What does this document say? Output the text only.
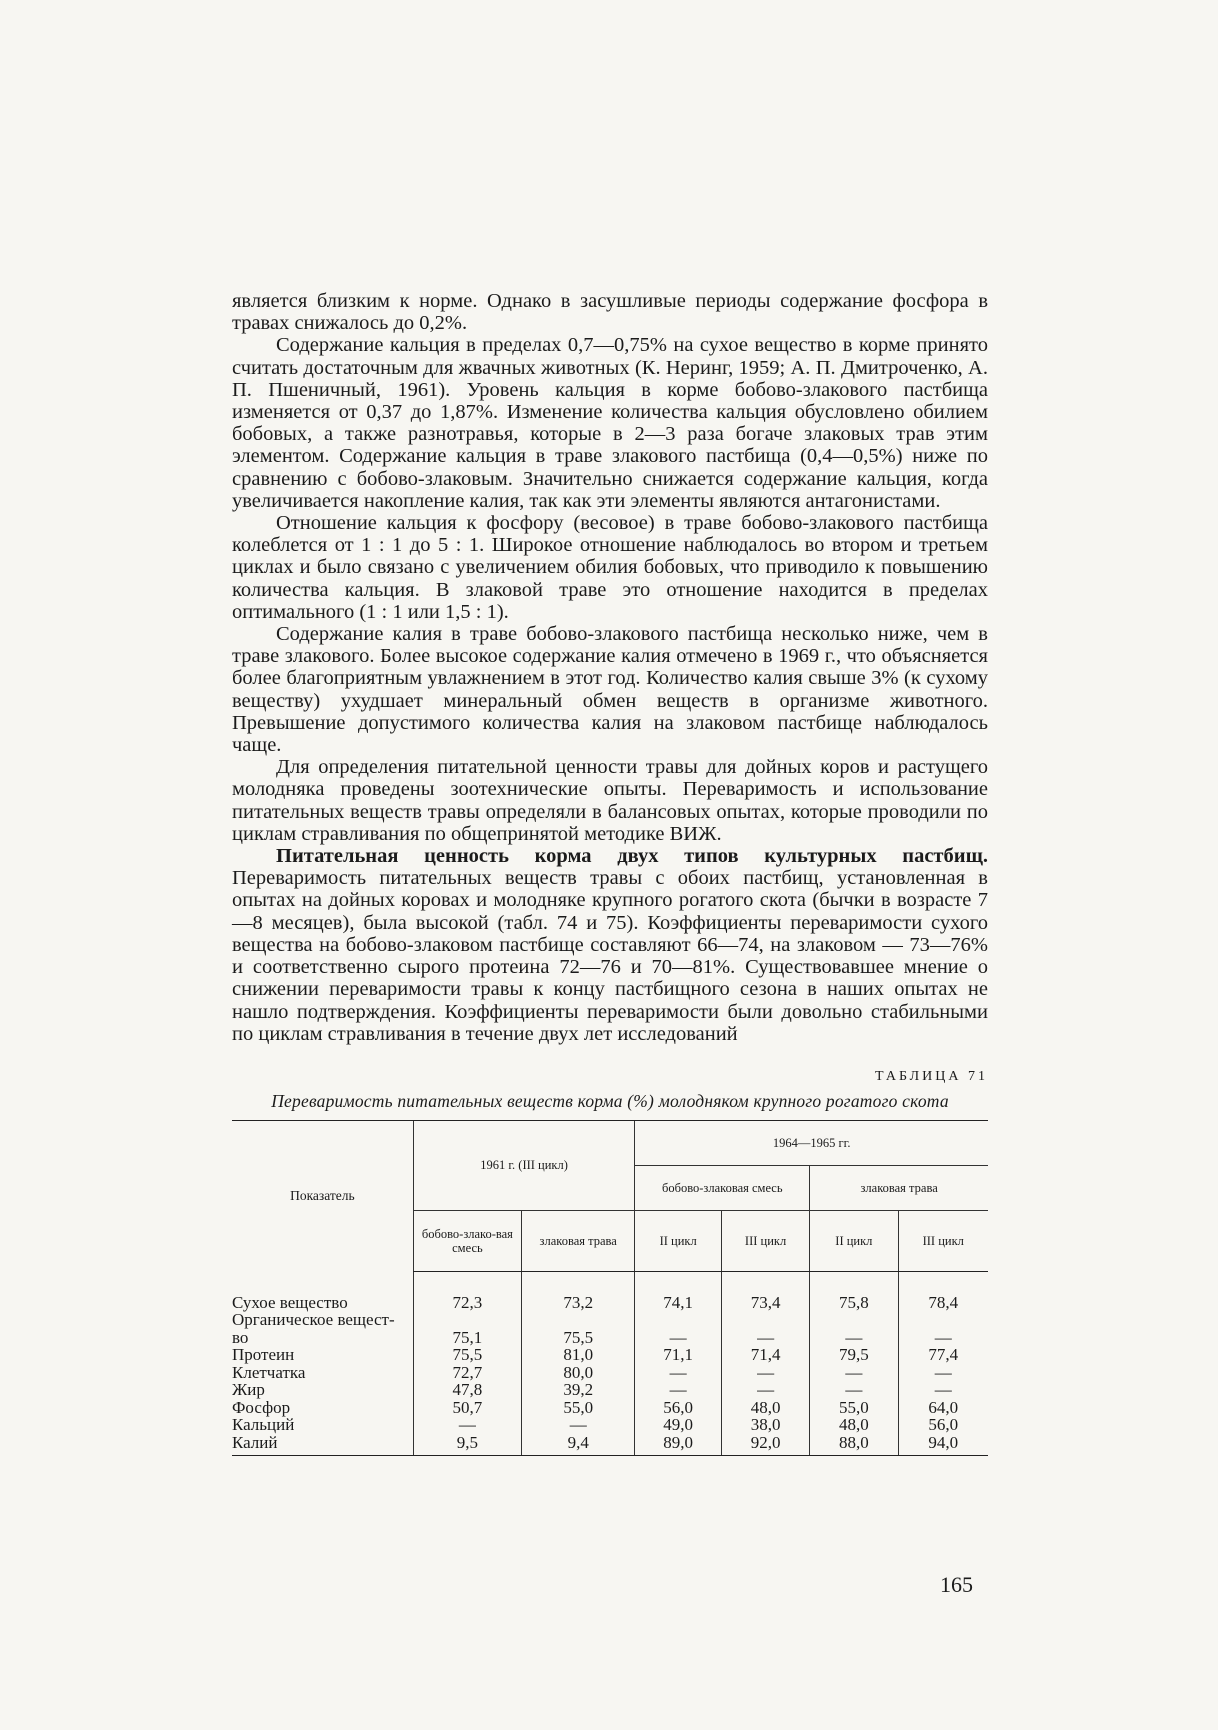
является близким к норме. Однако в засушливые периоды содержание фосфора в травах снижалось до 0,2%.

Содержание кальция в пределах 0,7—0,75% на сухое вещество в корме принято считать достаточным для жвачных животных (К. Неринг, 1959; А. П. Дмитроченко, А. П. Пшеничный, 1961). Уровень кальция в корме бобово-злакового пастбища изменяется от 0,37 до 1,87%. Изменение количества кальция обусловлено обилием бобовых, а также разнотравья, которые в 2—3 раза богаче злаковых трав этим элементом. Содержание кальция в траве злакового пастбища (0,4—0,5%) ниже по сравнению с бобово-злаковым. Значительно снижается содержание кальция, когда увеличивается накопление калия, так как эти элементы являются антагонистами.

Отношение кальция к фосфору (весовое) в траве бобово-злакового пастбища колеблется от 1 : 1 до 5 : 1. Широкое отношение наблюдалось во втором и третьем циклах и было связано с увеличением обилия бобовых, что приводило к повышению количества кальция. В злаковой траве это отношение находится в пределах оптимального (1 : 1 или 1,5 : 1).

Содержание калия в траве бобово-злакового пастбища несколько ниже, чем в траве злакового. Более высокое содержание калия отмечено в 1969 г., что объясняется более благоприятным увлажнением в этот год. Количество калия свыше 3% (к сухому веществу) ухудшает минеральный обмен веществ в организме животного. Превышение допустимого количества калия на злаковом пастбище наблюдалось чаще.

Для определения питательной ценности травы для дойных коров и растущего молодняка проведены зоотехнические опыты. Переваримость и использование питательных веществ травы определяли в балансовых опытах, которые проводили по циклам стравливания по общепринятой методике ВИЖ.

Питательная ценность корма двух типов культурных пастбищ. Переваримость питательных веществ травы с обоих пастбищ, установленная в опытах на дойных коровах и молодняке крупного рогатого скота (бычки в возрасте 7—8 месяцев), была высокой (табл. 74 и 75). Коэффициенты переваримости сухого вещества на бобово-злаковом пастбище составляют 66—74, на злаковом — 73—76% и соответственно сырого протеина 72—76 и 70—81%. Существовавшее мнение о снижении переваримости травы к концу пастбищного сезона в наших опытах не нашло подтверждения. Коэффициенты переваримости были довольно стабильными по циклам стравливания в течение двух лет исследований

ТАБЛИЦА 71
Переваримость питательных веществ корма (%) молодняком крупного рогатого скота
Показатель	1961 г. (III цикл)		1964—1965 гг.			
			бобово-злаковая смесь		злаковая трава	
	бобово-злако-вая смесь	злаковая трава	II цикл	III цикл	II цикл	III цикл

Сухое вещество	72,3	73,2	74,1	73,4	75,8	78,4
Органическое вещест-						
во	75,1	75,5	—	—	—	—
Протеин	75,5	81,0	71,1	71,4	79,5	77,4
Клетчатка	72,7	80,0	—	—	—	—
Жир	47,8	39,2	—	—	—	—
Фосфор	50,7	55,0	56,0	48,0	55,0	64,0
Кальций	—	—	49,0	38,0	48,0	56,0
Калий	9,5	9,4	89,0	92,0	88,0	94,0
165
